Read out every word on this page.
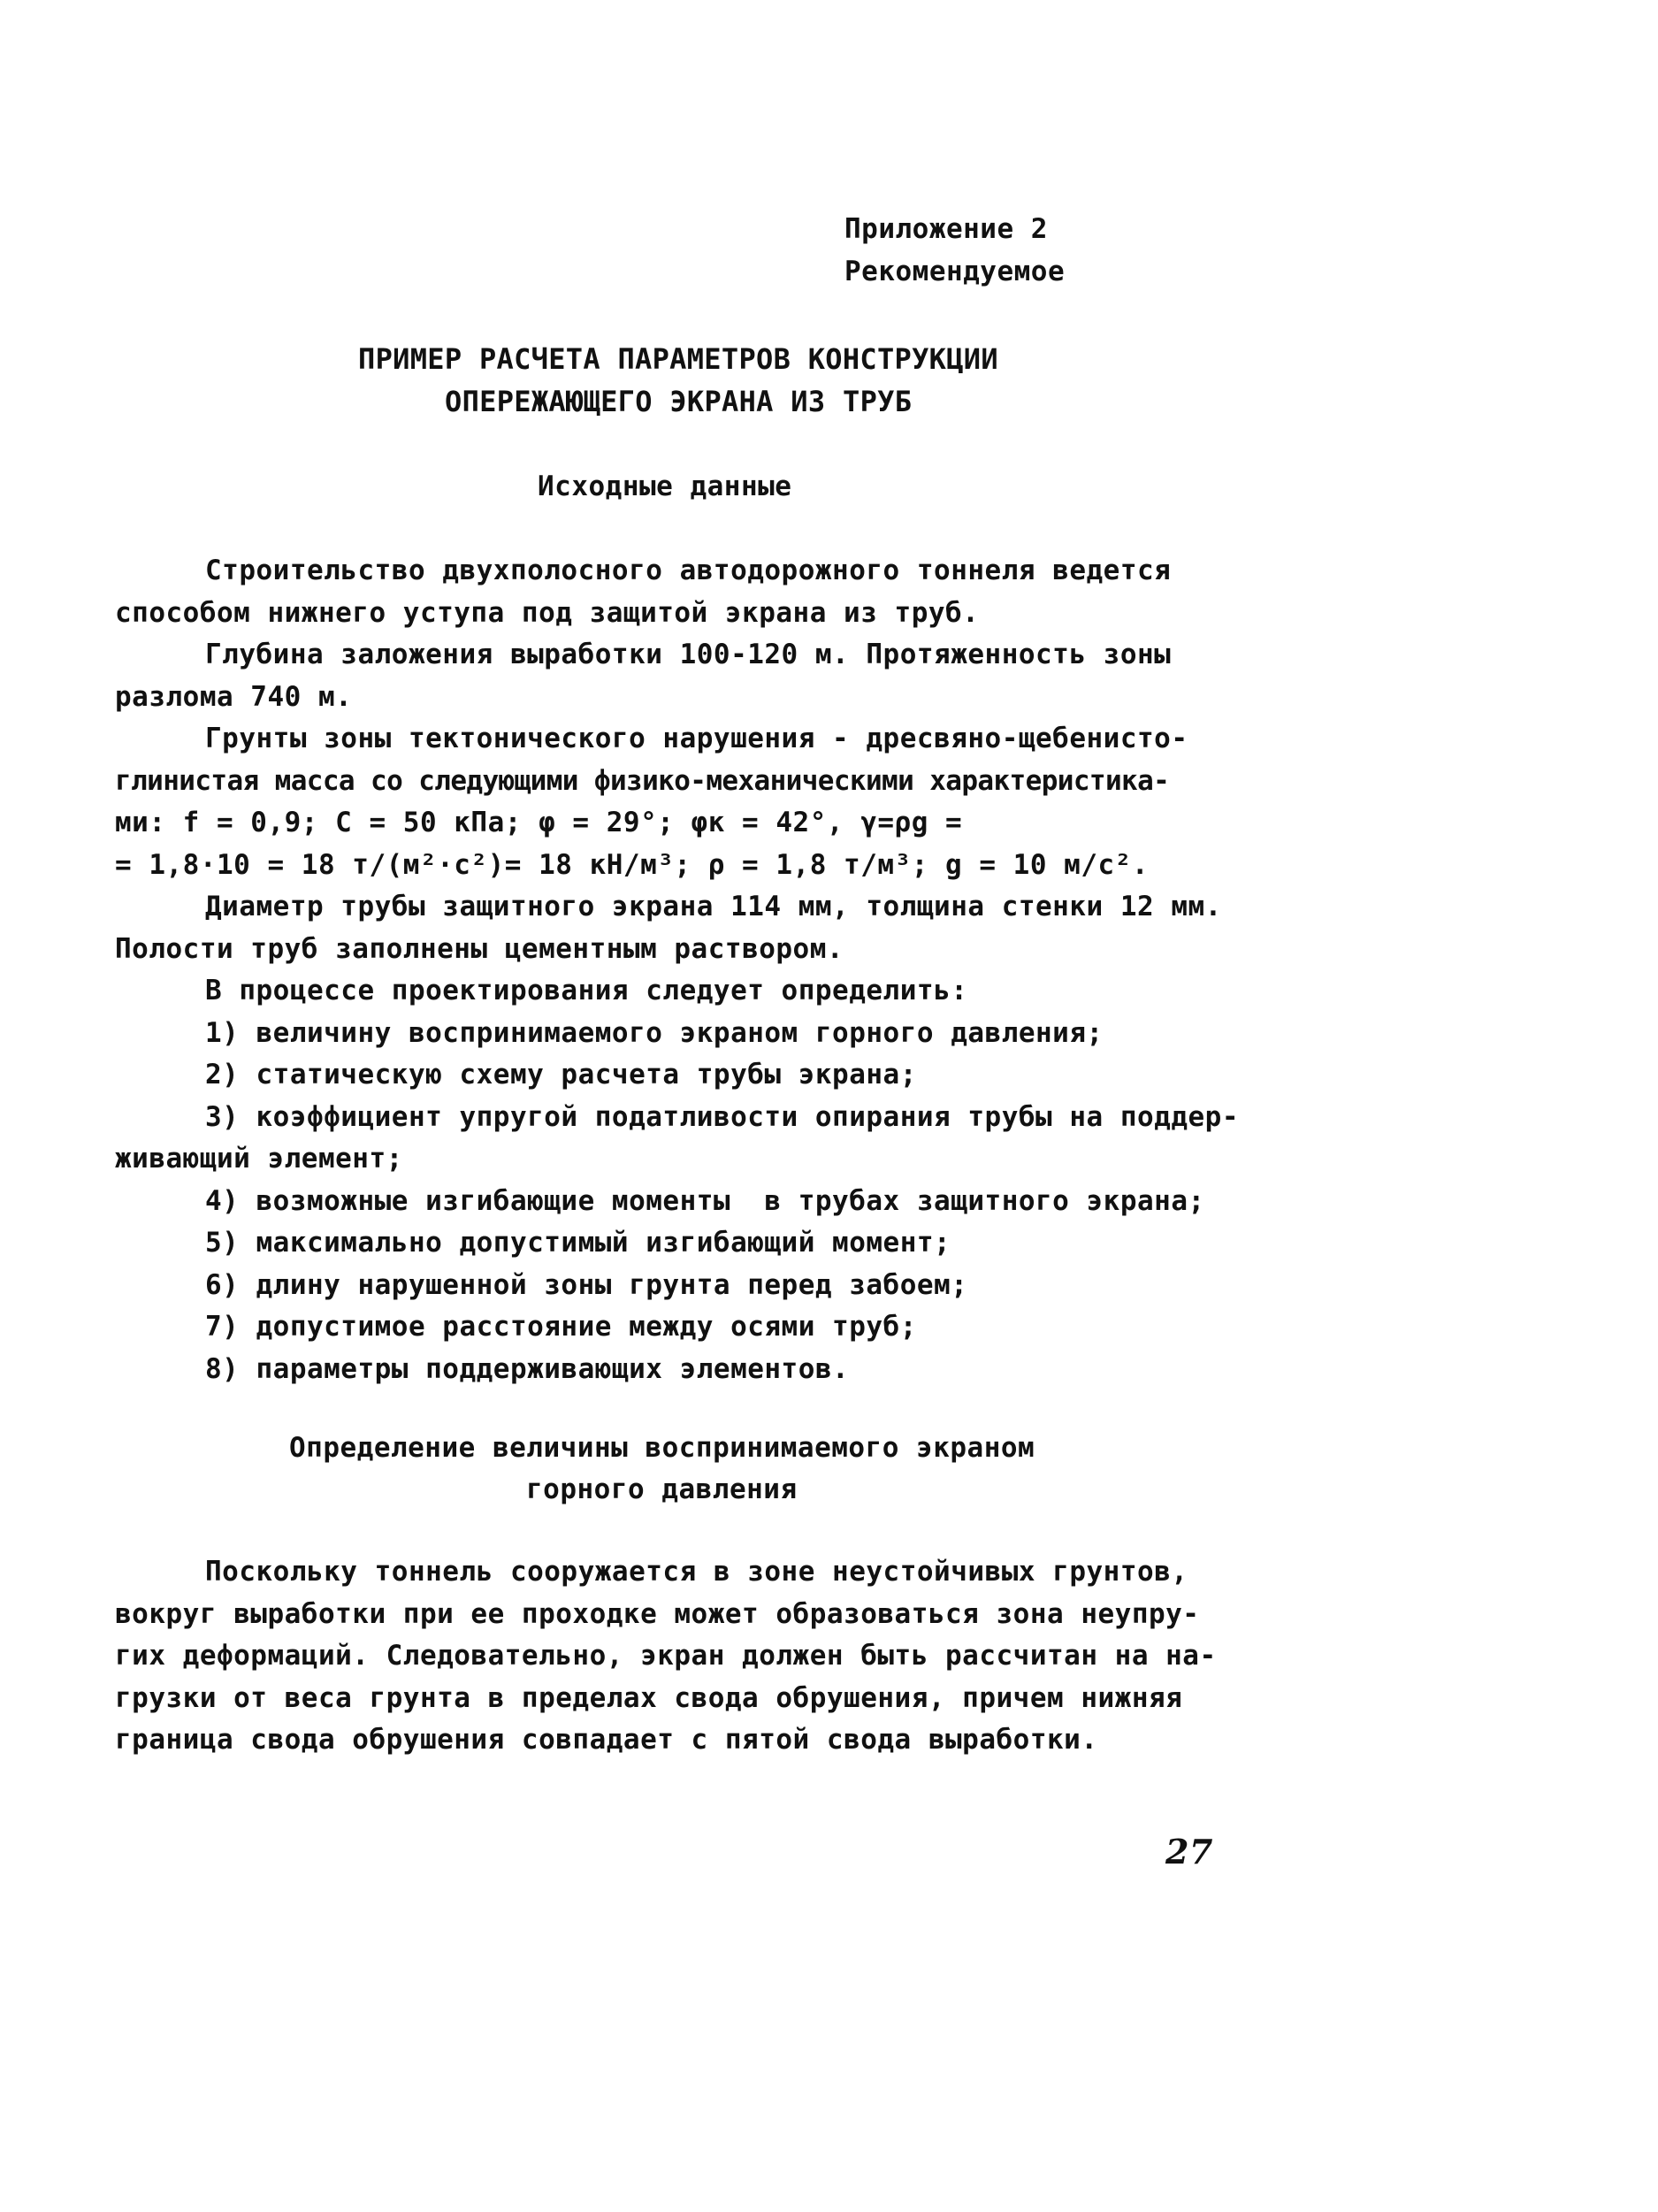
Приложение 2
Рекомендуемое
ПРИМЕР РАСЧЕТА ПАРАМЕТРОВ КОНСТРУКЦИИ
ОПЕРЕЖАЮЩЕГО ЭКРАНА ИЗ ТРУБ
Исходные данные
Строительство двухполосного автодорожного тоннеля ведется
способом нижнего уступа под защитой экрана из труб.
Глубина заложения выработки 100-120 м. Протяженность зоны
разлома 740 м.
Грунты зоны тектонического нарушения - дресвяно-щебенисто-
глинистая масса со следующими физико-механическими характеристика-
ми: f = 0,9; C = 50 кПа; φ = 29°; φк = 42°, γ=ρg =
= 1,8·10 = 18 т/(м²·с²)= 18 кН/м³; ρ = 1,8 т/м³; g = 10 м/с².
Диаметр трубы защитного экрана 114 мм, толщина стенки 12 мм.
Полости труб заполнены цементным раствором.
В процессе проектирования следует определить:
1) величину воспринимаемого экраном горного давления;
2) статическую схему расчета трубы экрана;
3) коэффициент упругой податливости опирания трубы на поддер-
живающий элемент;
4) возможные изгибающие моменты  в трубах защитного экрана;
5) максимально допустимый изгибающий момент;
6) длину нарушенной зоны грунта перед забоем;
7) допустимое расстояние между осями труб;
8) параметры поддерживающих элементов.
Определение величины воспринимаемого экраном
горного давления
Поскольку тоннель сооружается в зоне неустойчивых грунтов,
вокруг выработки при ее проходке может образоваться зона неупру-
гих деформаций. Следовательно, экран должен быть рассчитан на на-
грузки от веса грунта в пределах свода обрушения, причем нижняя
граница свода обрушения совпадает с пятой свода выработки.
27
